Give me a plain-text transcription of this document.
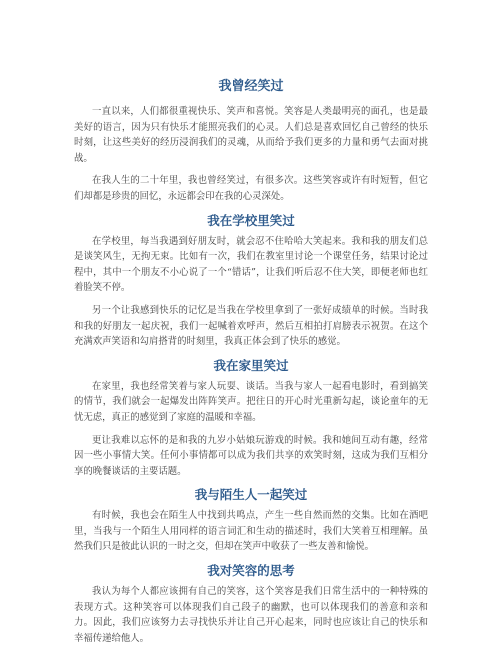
我曾经笑过

一直以来，人们都很重视快乐、笑声和喜悦。笑容是人类最明亮的面孔，也是最美好的语言，因为只有快乐才能照亮我们的心灵。人们总是喜欢回忆自己曾经的快乐时刻，让这些美好的经历浸润我们的灵魂，从而给予我们更多的力量和勇气去面对挑战。

在我人生的二十年里，我也曾经笑过，有很多次。这些笑容或许有时短暂，但它们却都是珍贵的回忆，永远都会印在我的心灵深处。

我在学校里笑过

在学校里，每当我遇到好朋友时，就会忍不住哈哈大笑起来。我和我的朋友们总是谈笑风生，无拘无束。比如有一次，我们在教室里讨论一个课堂任务，结果讨论过程中，其中一个朋友不小心说了一个“错话”，让我们听后忍不住大笑，即便老师也红着脸笑不停。

另一个让我感到快乐的记忆是当我在学校里拿到了一张好成绩单的时候。当时我和我的好朋友一起庆祝，我们一起喊着欢呼声，然后互相拍打肩膀表示祝贺。在这个充满欢声笑语和勾肩搭背的时刻里，我真正体会到了快乐的感觉。

我在家里笑过

在家里，我也经常笑着与家人玩耍、谈话。当我与家人一起看电影时，看到搞笑的情节，我们就会一起爆发出阵阵笑声。把往日的开心时光重新勾起，谈论童年的无忧无虑，真正的感觉到了家庭的温暖和幸福。

更让我难以忘怀的是和我的九岁小姑娘玩游戏的时候。我和她间互动有趣，经常因一些小事情大笑。任何小事情都可以成为我们共享的欢笑时刻，这成为我们互相分享的晚餐谈话的主要话题。

我与陌生人一起笑过

有时候，我也会在陌生人中找到共鸣点，产生一些自然而然的交集。比如在酒吧里，当我与一个陌生人用同样的语言词汇和生动的描述时，我们大笑着互相理解。虽然我们只是彼此认识的一时之交，但却在笑声中收获了一些友善和愉悦。

我对笑容的思考

我认为每个人都应该拥有自己的笑容，这个笑容是我们日常生活中的一种特殊的表现方式。这种笑容可以体现我们自己段子的幽默，也可以体现我们的善意和亲和力。因此，我们应该努力去寻找快乐并让自己开心起来，同时也应该让自己的快乐和幸福传递给他人。
